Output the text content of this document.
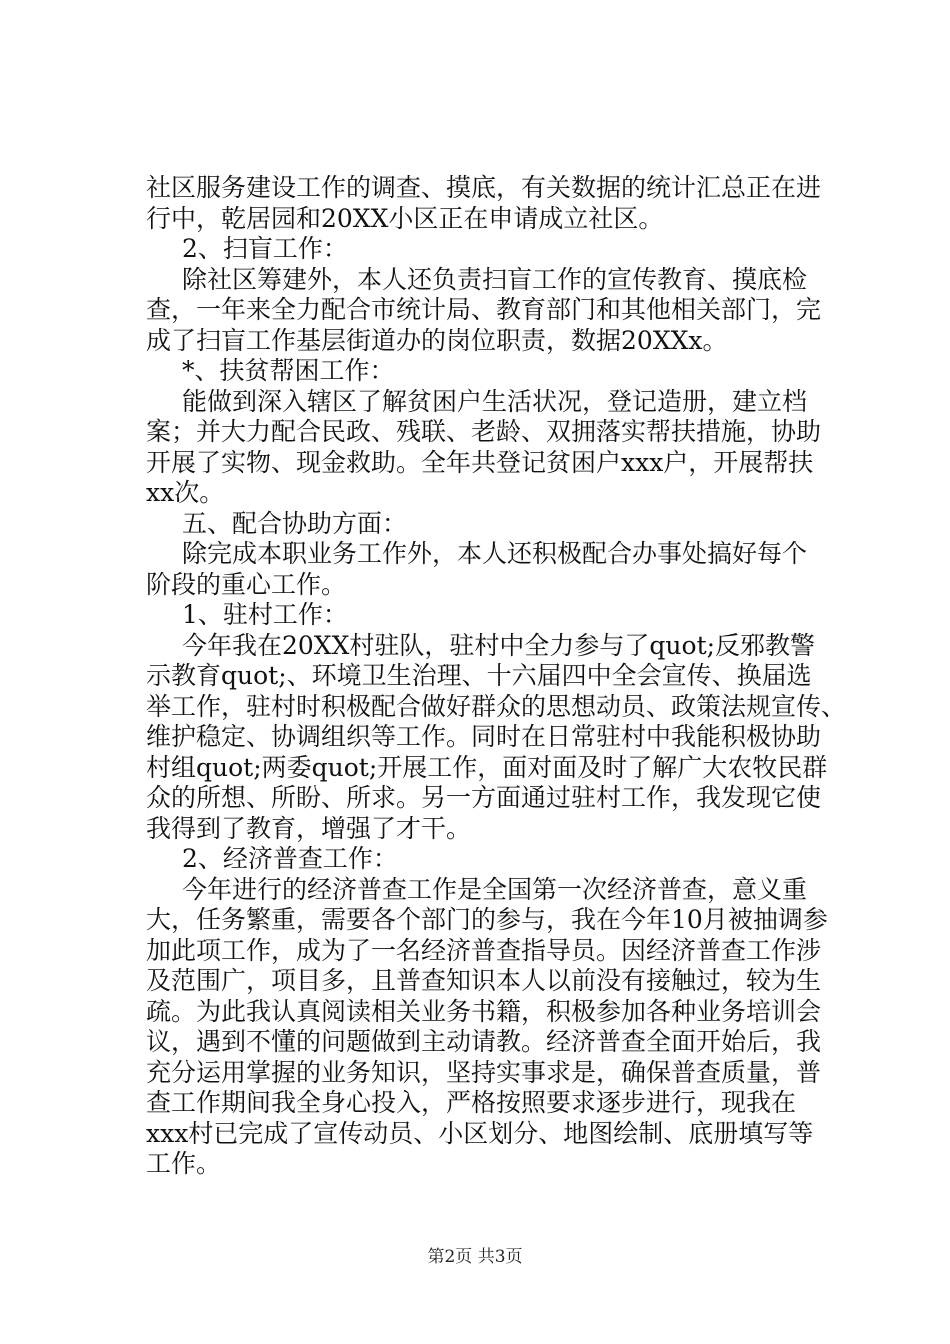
社区服务建设工作的调查、摸底，有关数据的统计汇总正在进
行中，乾居园和20XX小区正在申请成立社区。
2、扫盲工作：
除社区筹建外，本人还负责扫盲工作的宣传教育、摸底检
查，一年来全力配合市统计局、教育部门和其他相关部门，完
成了扫盲工作基层街道办的岗位职责，数据20XXx。
*、扶贫帮困工作：
能做到深入辖区了解贫困户生活状况，登记造册，建立档
案；并大力配合民政、残联、老龄、双拥落实帮扶措施，协助
开展了实物、现金救助。全年共登记贫困户xxx户，开展帮扶
xx次。
五、配合协助方面：
除完成本职业务工作外，本人还积极配合办事处搞好每个
阶段的重心工作。
1、驻村工作：
今年我在20XX村驻队，驻村中全力参与了quot;反邪教警
示教育quot;、环境卫生治理、十六届四中全会宣传、换届选
举工作，驻村时积极配合做好群众的思想动员、政策法规宣传、
维护稳定、协调组织等工作。同时在日常驻村中我能积极协助
村组quot;两委quot;开展工作，面对面及时了解广大农牧民群
众的所想、所盼、所求。另一方面通过驻村工作，我发现它使
我得到了教育，增强了才干。
2、经济普查工作：
今年进行的经济普查工作是全国第一次经济普查，意义重
大，任务繁重，需要各个部门的参与，我在今年10月被抽调参
加此项工作，成为了一名经济普查指导员。因经济普查工作涉
及范围广，项目多，且普查知识本人以前没有接触过，较为生
疏。为此我认真阅读相关业务书籍，积极参加各种业务培训会
议，遇到不懂的问题做到主动请教。经济普查全面开始后，我
充分运用掌握的业务知识，坚持实事求是，确保普查质量，普
查工作期间我全身心投入，严格按照要求逐步进行，现我在
xxx村已完成了宣传动员、小区划分、地图绘制、底册填写等
工作。
第2页 共3页
